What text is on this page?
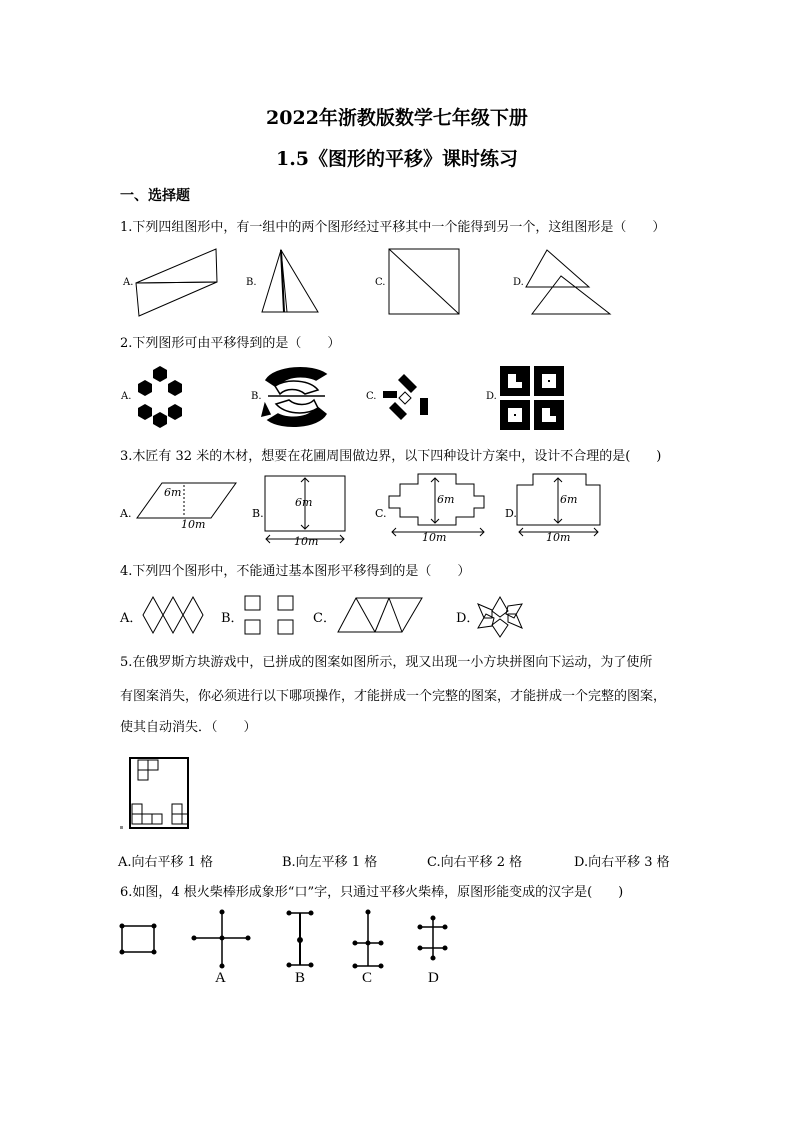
2022年浙教版数学七年级下册
1.5《图形的平移》课时练习
一、选择题
1.下列四组图形中，有一组中的两个图形经过平移其中一个能得到另一个，这组图形是（　　）
A.	B.	C.	D.
2.下列图形可由平移得到的是（　　）
A.	B.	C.	D.
3.木匠有 32 米的木材，想要在花圃周围做边界，以下四种设计方案中，设计不合理的是(　　)
A.	B.	C.	D.
6m
10m
6m
10m
6m
10m
6m
10m
4.下列四个图形中，不能通过基本图形平移得到的是（　　）
A．	B．	C．	D．
5.在俄罗斯方块游戏中，已拼成的图案如图所示，现又出现一小方块拼图向下运动，为了使所
有图案消失，你必须进行以下哪项操作，才能拼成一个完整的图案，才能拼成一个完整的图案，
使其自动消失．（　　）
A.向右平移 1 格	B.向左平移 1 格	C.向右平移 2 格	D.向右平移 3 格
6.如图，4 根火柴棒形成象形“口”字，只通过平移火柴棒，原图形能变成的汉字是(　　)
A	B	C	D
